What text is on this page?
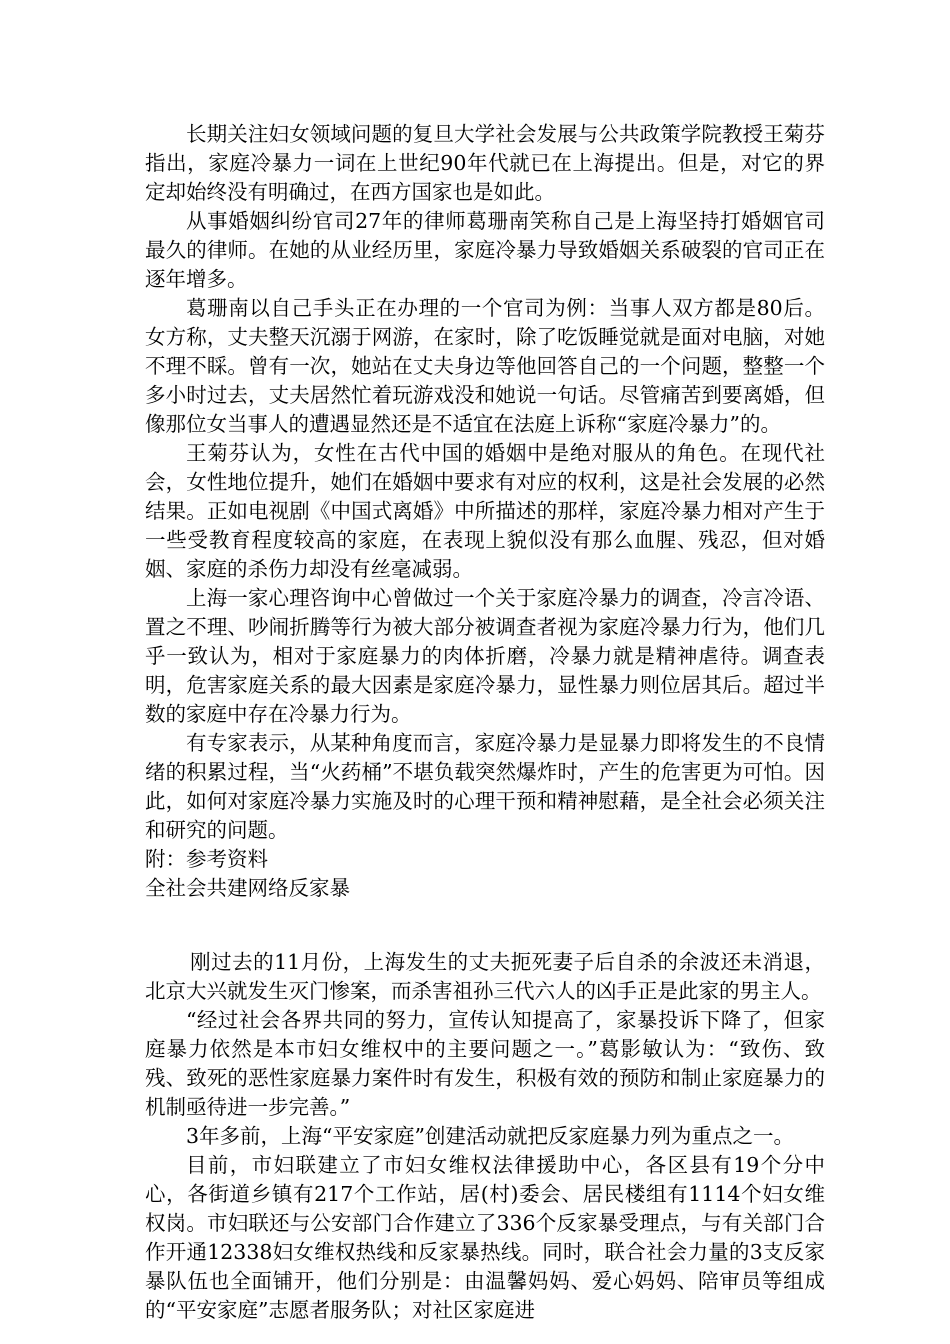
长期关注妇女领域问题的复旦大学社会发展与公共政策学院教授王菊芬指出，家庭冷暴力一词在上世纪90年代就已在上海提出。但是，对它的界定却始终没有明确过，在西方国家也是如此。

从事婚姻纠纷官司27年的律师葛珊南笑称自己是上海坚持打婚姻官司最久的律师。在她的从业经历里，家庭冷暴力导致婚姻关系破裂的官司正在逐年增多。

葛珊南以自己手头正在办理的一个官司为例：当事人双方都是80后。女方称，丈夫整天沉溺于网游，在家时，除了吃饭睡觉就是面对电脑，对她不理不睬。曾有一次，她站在丈夫身边等他回答自己的一个问题，整整一个多小时过去，丈夫居然忙着玩游戏没和她说一句话。尽管痛苦到要离婚，但像那位女当事人的遭遇显然还是不适宜在法庭上诉称“家庭冷暴力”的。

王菊芬认为，女性在古代中国的婚姻中是绝对服从的角色。在现代社会，女性地位提升，她们在婚姻中要求有对应的权利，这是社会发展的必然结果。正如电视剧《中国式离婚》中所描述的那样，家庭冷暴力相对产生于一些受教育程度较高的家庭，在表现上貌似没有那么血腥、残忍，但对婚姻、家庭的杀伤力却没有丝毫减弱。

上海一家心理咨询中心曾做过一个关于家庭冷暴力的调查，冷言冷语、置之不理、吵闹折腾等行为被大部分被调查者视为家庭冷暴力行为，他们几乎一致认为，相对于家庭暴力的肉体折磨，冷暴力就是精神虐待。调查表明，危害家庭关系的最大因素是家庭冷暴力，显性暴力则位居其后。超过半数的家庭中存在冷暴力行为。

有专家表示，从某种角度而言，家庭冷暴力是显暴力即将发生的不良情绪的积累过程，当“火药桶”不堪负载突然爆炸时，产生的危害更为可怕。因此，如何对家庭冷暴力实施及时的心理干预和精神慰藉，是全社会必须关注和研究的问题。

附：参考资料

全社会共建网络反家暴

刚过去的11月份，上海发生的丈夫扼死妻子后自杀的余波还未消退，北京大兴就发生灭门惨案，而杀害祖孙三代六人的凶手正是此家的男主人。

“经过社会各界共同的努力，宣传认知提高了，家暴投诉下降了，但家庭暴力依然是本市妇女维权中的主要问题之一。”葛影敏认为：“致伤、致残、致死的恶性家庭暴力案件时有发生，积极有效的预防和制止家庭暴力的机制亟待进一步完善。”

3年多前，上海“平安家庭”创建活动就把反家庭暴力列为重点之一。

目前，市妇联建立了市妇女维权法律援助中心，各区县有19个分中心，各街道乡镇有217个工作站，居(村)委会、居民楼组有1114个妇女维权岗。市妇联还与公安部门合作建立了336个反家暴受理点，与有关部门合作开通12338妇女维权热线和反家暴热线。同时，联合社会力量的3支反家暴队伍也全面铺开，他们分别是：由温馨妈妈、爱心妈妈、陪审员等组成的“平安家庭”志愿者服务队；对社区家庭进
